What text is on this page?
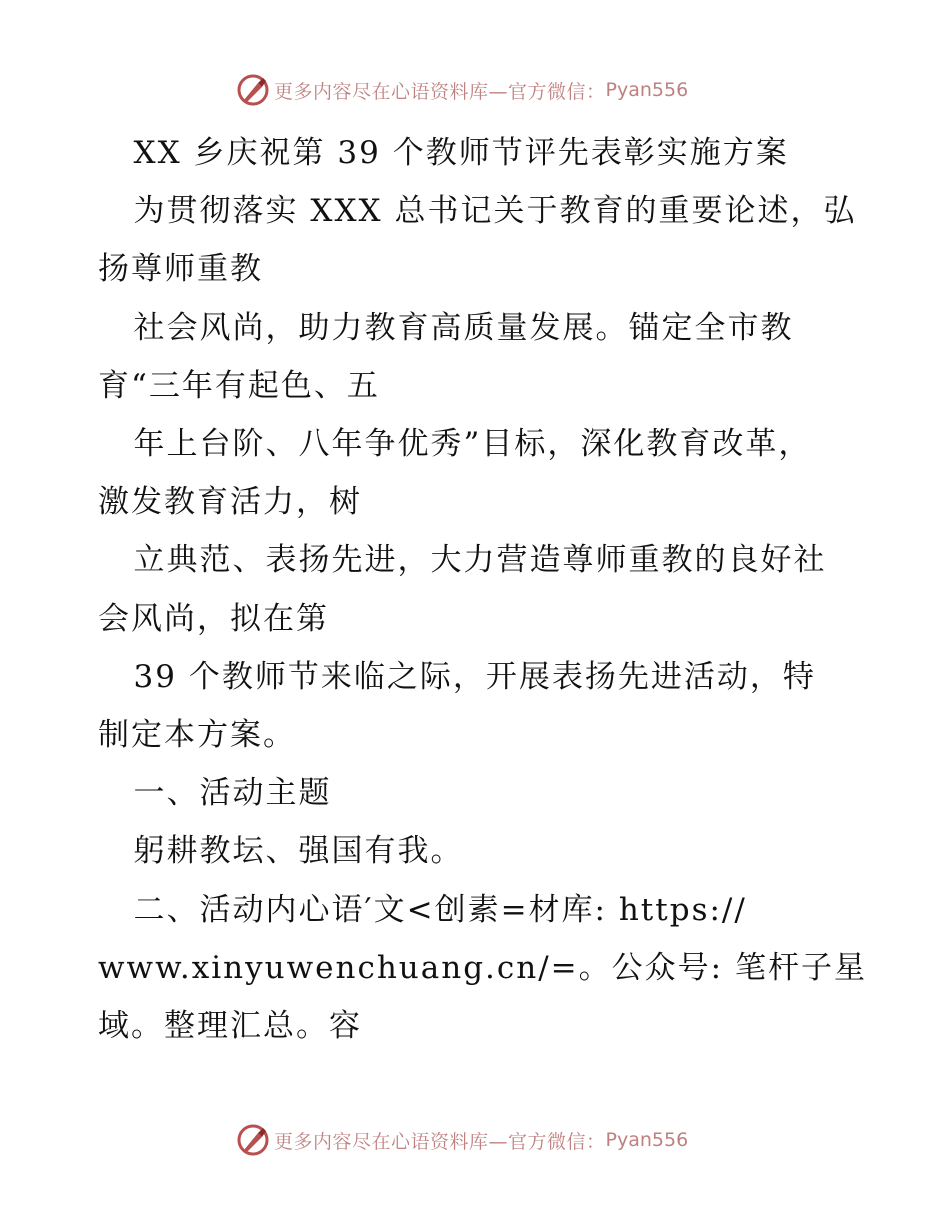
更多内容尽在心语资料库—官方微信： Pyan556

XX 乡庆祝第 39 个教师节评先表彰实施方案

为贯彻落实 XXX 总书记关于教育的重要论述，弘

扬尊师重教

社会风尚，助力教育高质量发展。锚定全市教

育“三年有起色、五

年上台阶、八年争优秀”目标，深化教育改革，

激发教育活力，树

立典范、表扬先进，大力营造尊师重教的良好社

会风尚，拟在第

39 个教师节来临之际，开展表扬先进活动，特

制定本方案。

一、活动主题

躬耕教坛、强国有我。

二、活动内心语′文<创素=材库: https://

www.xinyuwenchuang.cn/=。公众号: 笔杆子星

域。整理汇总。容

更多内容尽在心语资料库—官方微信： Pyan556
